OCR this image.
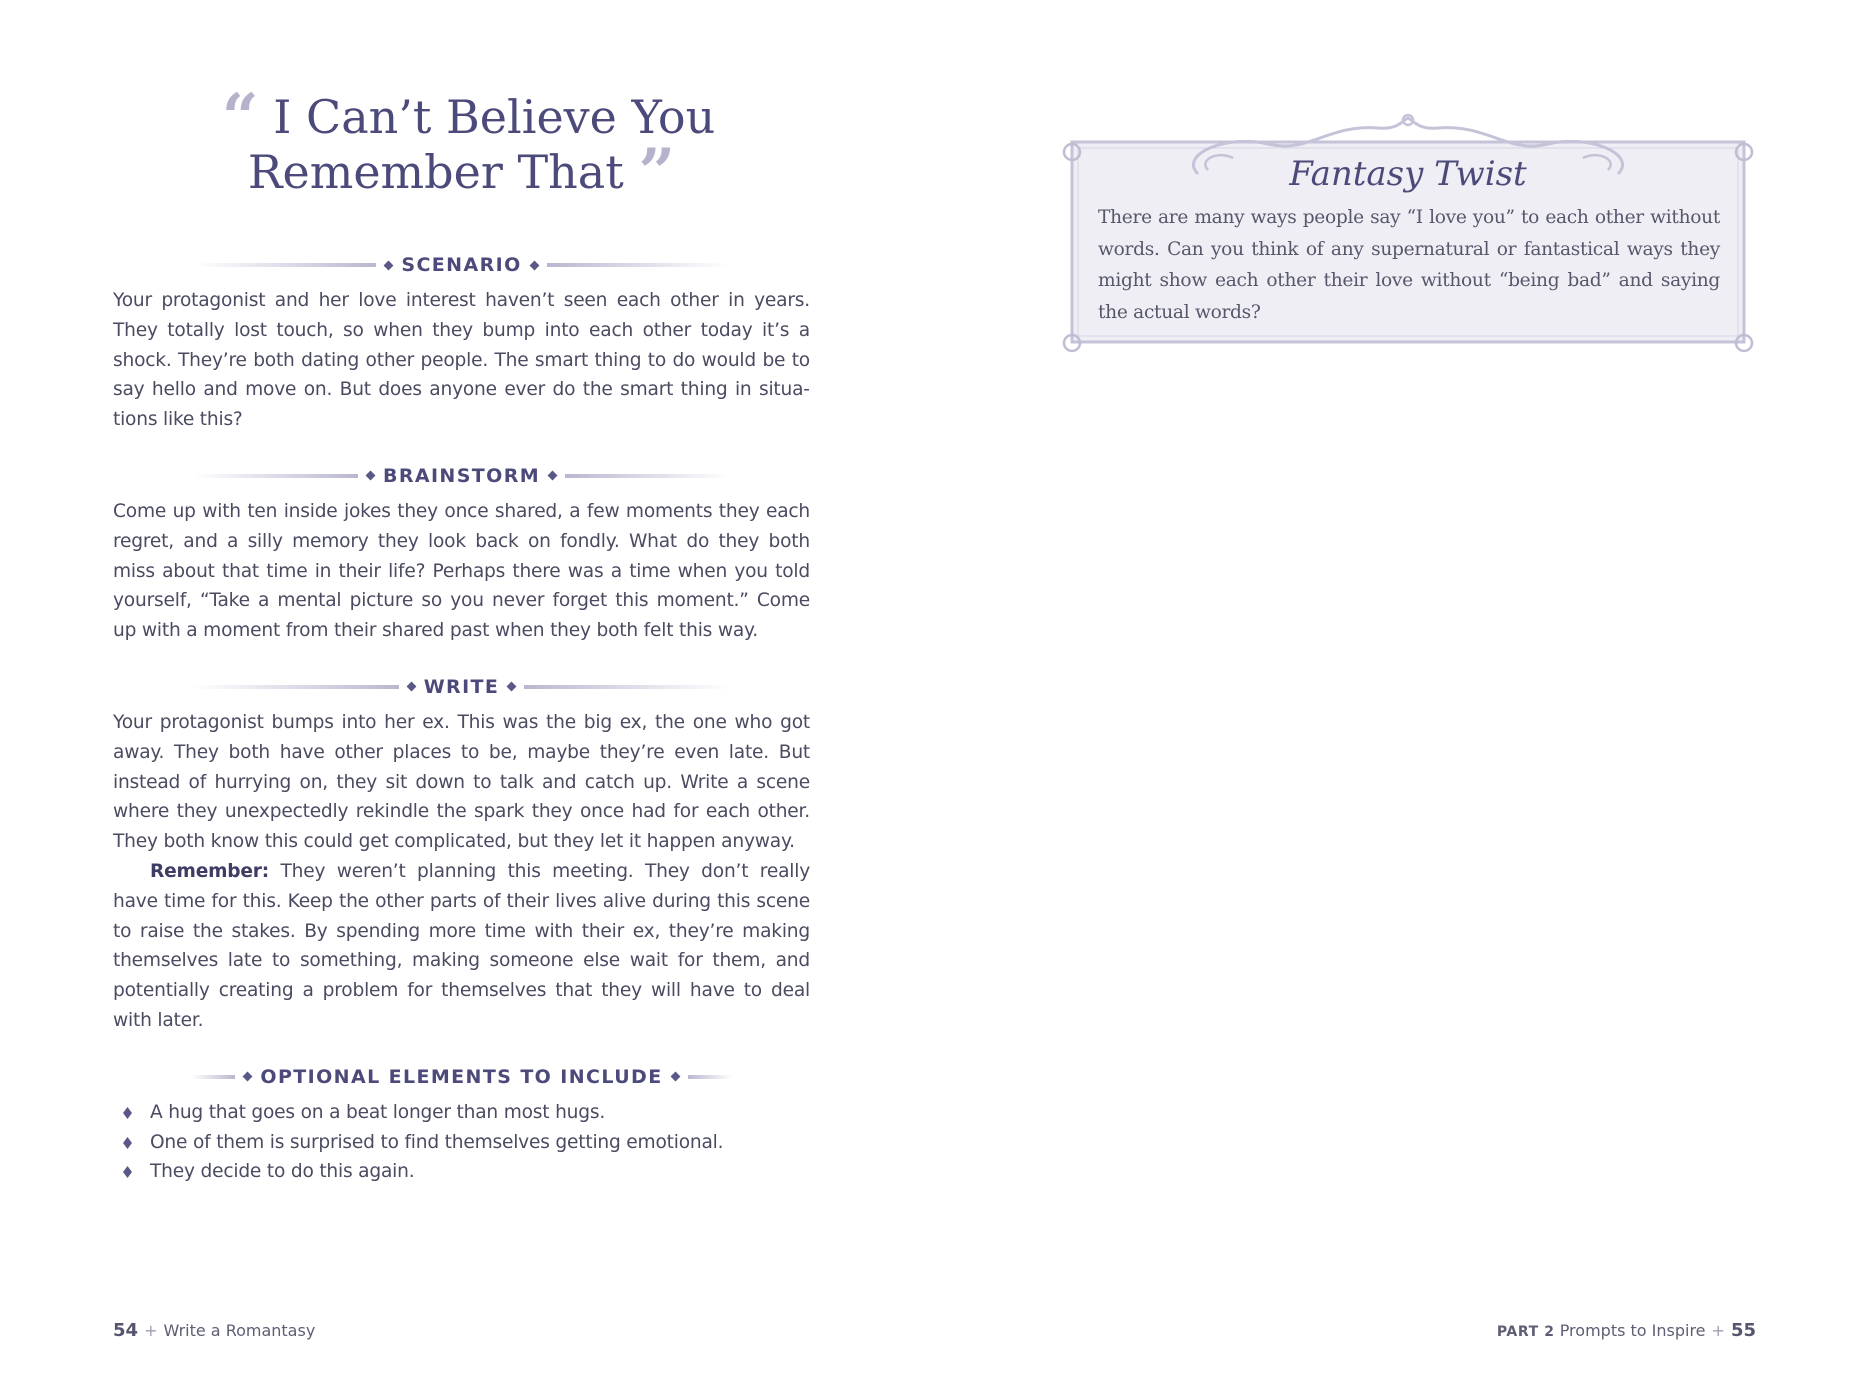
“ I Can’t Believe You
Remember That ”
SCENARIO

Your protagonist and her love interest haven’t seen each other in years. They totally lost touch, so when they bump into each other today it’s a shock. They’re both dating other people. The smart thing to do would be to say hello and move on. But does anyone ever do the smart thing in situations like this?

BRAINSTORM

Come up with ten inside jokes they once shared, a few moments they each regret, and a silly memory they look back on fondly. What do they both miss about that time in their life? Perhaps there was a time when you told yourself, “Take a mental picture so you never forget this moment.” Come up with a moment from their shared past when they both felt this way.

WRITE

Your protagonist bumps into her ex. This was the big ex, the one who got away. They both have other places to be, maybe they’re even late. But instead of hurrying on, they sit down to talk and catch up. Write a scene where they unexpectedly rekindle the spark they once had for each other. They both know this could get complicated, but they let it happen anyway.

Remember: They weren’t planning this meeting. They don’t really have time for this. Keep the other parts of their lives alive during this scene to raise the stakes. By spending more time with their ex, they’re making themselves late to something, making someone else wait for them, and potentially creating a problem for themselves that they will have to deal with later.

OPTIONAL ELEMENTS TO INCLUDE
A hug that goes on a beat longer than most hugs.
One of them is surprised to find themselves getting emotional.
They decide to do this again.
54 + Write a Romantasy
Fantasy Twist
There are many ways people say “I love you” to each other without words. Can you think of any supernatural or fantastical ways they might show each other their love without “being bad” and saying the actual words?
PART 2 Prompts to Inspire + 55
